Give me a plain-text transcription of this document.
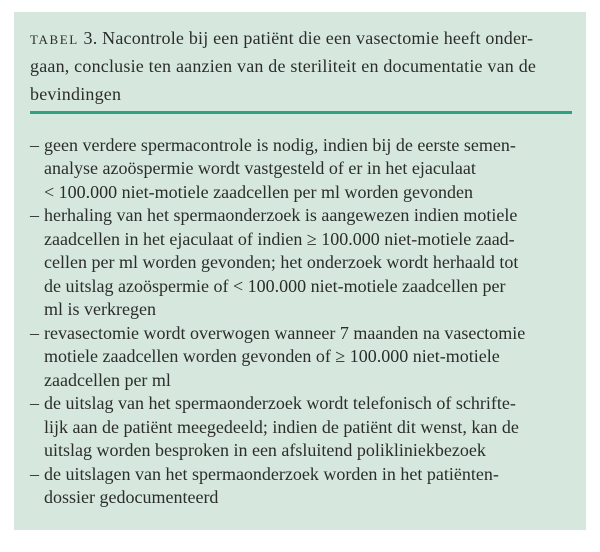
tabel 3. Nacontrole bij een patiënt die een vasectomie heeft onder-
gaan, conclusie ten aanzien van de steriliteit en documentatie van de
bevindingen
– geen verdere spermacontrole is nodig, indien bij de eerste semen-
analyse azoöspermie wordt vastgesteld of er in het ejaculaat
< 100.000 niet-motiele zaadcellen per ml worden gevonden
– herhaling van het spermaonderzoek is aangewezen indien motiele
zaadcellen in het ejaculaat of indien ≥ 100.000 niet-motiele zaad-
cellen per ml worden gevonden; het onderzoek wordt herhaald tot
de uitslag azoöspermie of < 100.000 niet-motiele zaadcellen per
ml is verkregen
– revasectomie wordt overwogen wanneer 7 maanden na vasectomie
motiele zaadcellen worden gevonden of ≥ 100.000 niet-motiele
zaadcellen per ml
– de uitslag van het spermaonderzoek wordt telefonisch of schrifte-
lijk aan de patiënt meegedeeld; indien de patiënt dit wenst, kan de
uitslag worden besproken in een afsluitend polikliniekbezoek
– de uitslagen van het spermaonderzoek worden in het patiënten-
dossier gedocumenteerd
